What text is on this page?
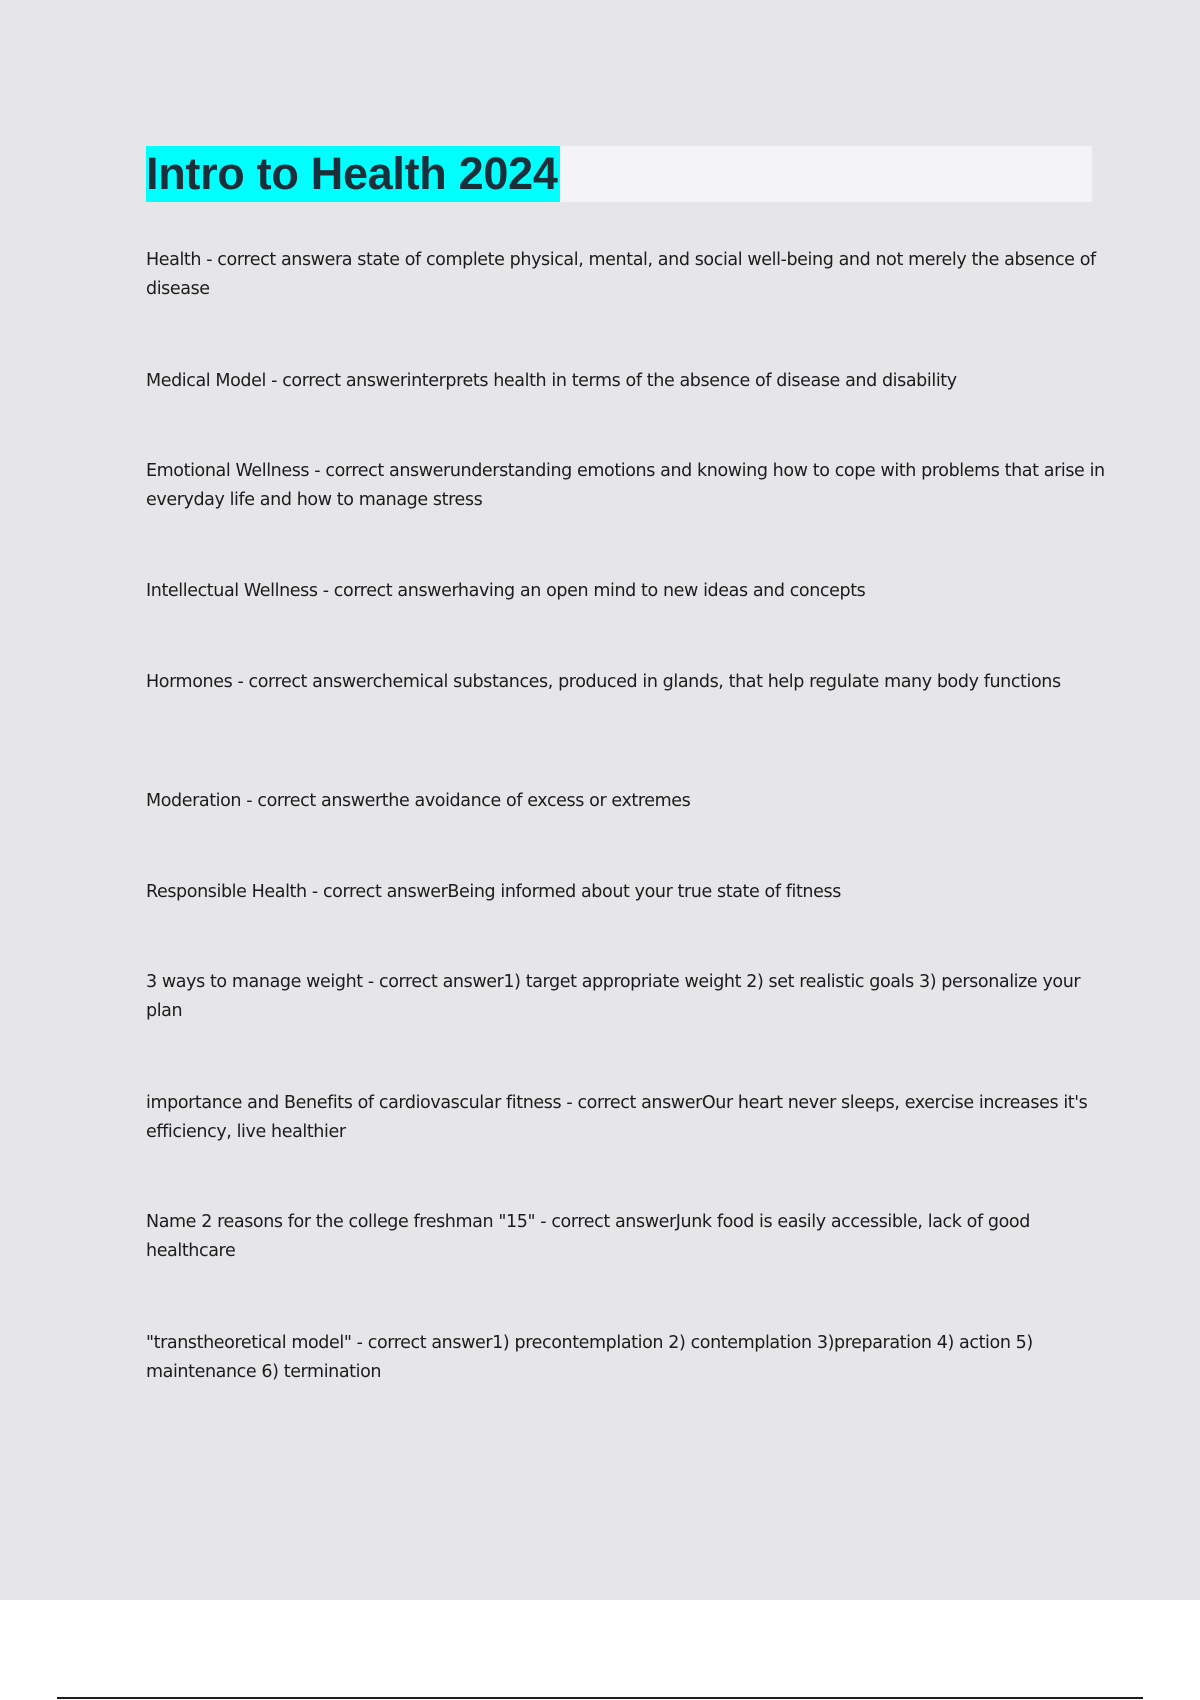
Intro to Health 2024
Health - correct answera state of complete physical, mental, and social well-being and not merely the absence of disease
Medical Model - correct answerinterprets health in terms of the absence of disease and disability
Emotional Wellness - correct answerunderstanding emotions and knowing how to cope with problems that arise in everyday life and how to manage stress
Intellectual Wellness - correct answerhaving an open mind to new ideas and concepts
Hormones - correct answerchemical substances, produced in glands, that help regulate many body functions
Moderation - correct answerthe avoidance of excess or extremes
Responsible Health - correct answerBeing informed about your true state of fitness
3 ways to manage weight - correct answer1) target appropriate weight 2) set realistic goals 3) personalize your plan
importance and Benefits of cardiovascular fitness - correct answerOur heart never sleeps, exercise increases it's efficiency, live healthier
Name 2 reasons for the college freshman "15" - correct answerJunk food is easily accessible, lack of good healthcare
"transtheoretical model" - correct answer1) precontemplation 2) contemplation 3)preparation 4) action 5) maintenance 6) termination
